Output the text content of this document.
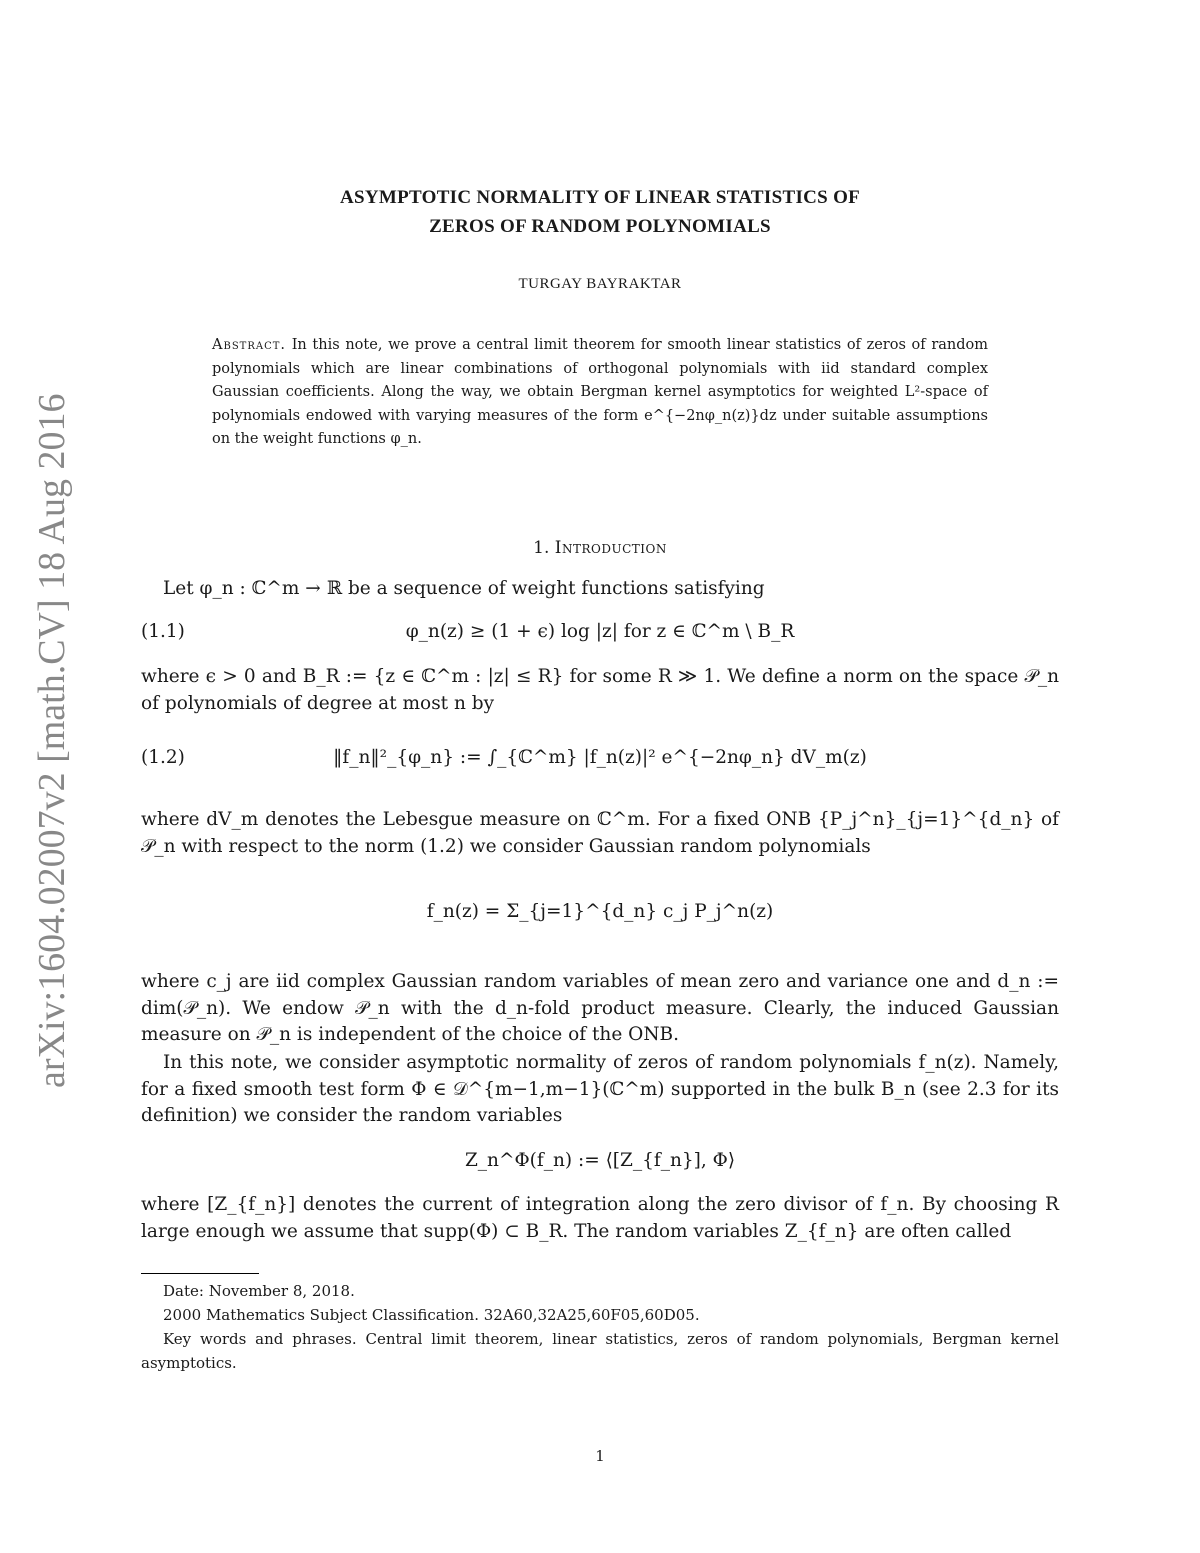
arXiv:1604.02007v2 [math.CV] 18 Aug 2016
ASYMPTOTIC NORMALITY OF LINEAR STATISTICS OF
ZEROS OF RANDOM POLYNOMIALS
TURGAY BAYRAKTAR
Abstract. In this note, we prove a central limit theorem for smooth linear statistics of zeros of random polynomials which are linear combinations of orthogonal polynomials with iid standard complex Gaussian coefficients. Along the way, we obtain Bergman kernel asymptotics for weighted L²-space of polynomials endowed with varying measures of the form e^{−2nφ_n(z)}dz under suitable assumptions on the weight functions φ_n.
1. Introduction
Let φ_n : ℂ^m → ℝ be a sequence of weight functions satisfying
(1.1)	φ_n(z) ≥ (1 + ϵ) log |z| for z ∈ ℂ^m \ B_R
where ϵ > 0 and B_R := {z ∈ ℂ^m : |z| ≤ R} for some R ≫ 1. We define a norm on the space 𝒫_n of polynomials of degree at most n by
(1.2)	‖f_n‖²_{φ_n} := ∫_{ℂ^m} |f_n(z)|² e^{−2nφ_n} dV_m(z)
where dV_m denotes the Lebesgue measure on ℂ^m. For a fixed ONB {P_j^n}_{j=1}^{d_n} of 𝒫_n with respect to the norm (1.2) we consider Gaussian random polynomials
f_n(z) = Σ_{j=1}^{d_n} c_j P_j^n(z)
where c_j are iid complex Gaussian random variables of mean zero and variance one and d_n := dim(𝒫_n). We endow 𝒫_n with the d_n-fold product measure. Clearly, the induced Gaussian measure on 𝒫_n is independent of the choice of the ONB.
In this note, we consider asymptotic normality of zeros of random polynomials f_n(z). Namely, for a fixed smooth test form Φ ∈ 𝒟^{m−1,m−1}(ℂ^m) supported in the bulk B_n (see 2.3 for its definition) we consider the random variables
Z_n^Φ(f_n) := ⟨[Z_{f_n}], Φ⟩
where [Z_{f_n}] denotes the current of integration along the zero divisor of f_n. By choosing R large enough we assume that supp(Φ) ⊂ B_R. The random variables Z_{f_n} are often called
Date: November 8, 2018.
2000 Mathematics Subject Classification. 32A60,32A25,60F05,60D05.
Key words and phrases. Central limit theorem, linear statistics, zeros of random polynomials, Bergman kernel asymptotics.
1
